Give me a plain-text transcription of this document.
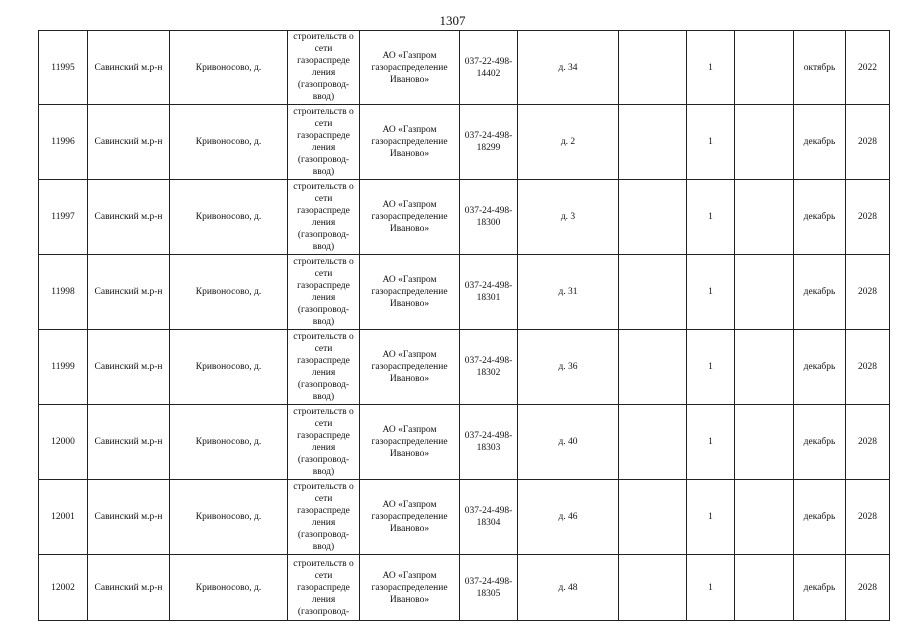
1307
11995	Савинский м.р-н	Кривоносово, д.	строительств о сети газораспреде ления (газопровод-ввод)	АО «Газпром газораспределение Иваново»	037-22-498-14402	д. 34		1		октябрь	2022
11996	Савинский м.р-н	Кривоносово, д.	строительств о сети газораспреде ления (газопровод-ввод)	АО «Газпром газораспределение Иваново»	037-24-498-18299	д. 2		1		декабрь	2028
11997	Савинский м.р-н	Кривоносово, д.	строительств о сети газораспреде ления (газопровод-ввод)	АО «Газпром газораспределение Иваново»	037-24-498-18300	д. 3		1		декабрь	2028
11998	Савинский м.р-н	Кривоносово, д.	строительств о сети газораспреде ления (газопровод-ввод)	АО «Газпром газораспределение Иваново»	037-24-498-18301	д. 31		1		декабрь	2028
11999	Савинский м.р-н	Кривоносово, д.	строительств о сети газораспреде ления (газопровод-ввод)	АО «Газпром газораспределение Иваново»	037-24-498-18302	д. 36		1		декабрь	2028
12000	Савинский м.р-н	Кривоносово, д.	строительств о сети газораспреде ления (газопровод-ввод)	АО «Газпром газораспределение Иваново»	037-24-498-18303	д. 40		1		декабрь	2028
12001	Савинский м.р-н	Кривоносово, д.	строительств о сети газораспреде ления (газопровод-ввод)	АО «Газпром газораспределение Иваново»	037-24-498-18304	д. 46		1		декабрь	2028
12002	Савинский м.р-н	Кривоносово, д.	строительств о сети газораспреде ления (газопровод-	АО «Газпром газораспределение Иваново»	037-24-498-18305	д. 48		1		декабрь	2028
